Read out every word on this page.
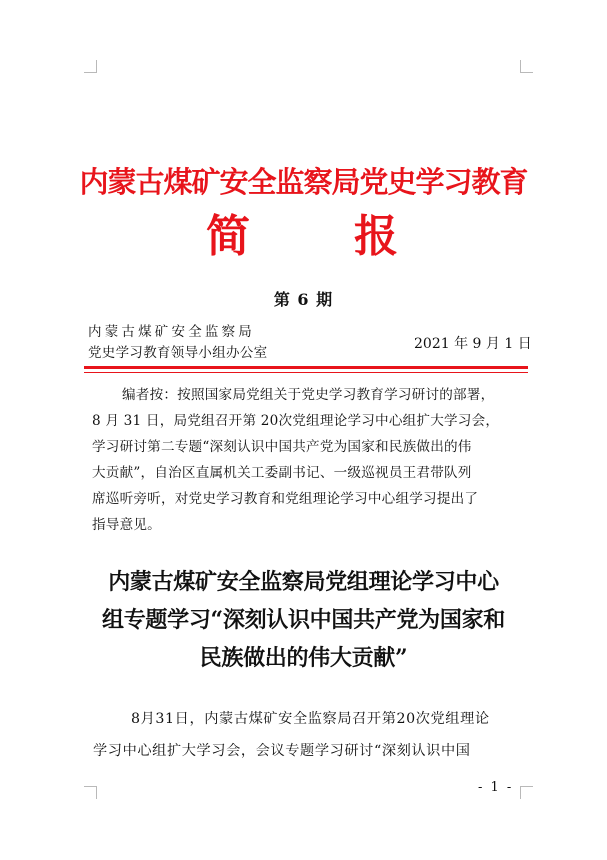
内蒙古煤矿安全监察局党史学习教育
简 报
第 6 期
内蒙古煤矿安全监察局
党史学习教育领导小组办公室
2021 年 9 月 1 日
编者按：按照国家局党组关于党史学习教育学习研讨的部署，
8 月 31 日，局党组召开第 20次党组理论学习中心组扩大学习会，
学习研讨第二专题“深刻认识中国共产党为国家和民族做出的伟
大贡献”，自治区直属机关工委副书记、一级巡视员王君带队列
席巡听旁听，对党史学习教育和党组理论学习中心组学习提出了
指导意见。
内蒙古煤矿安全监察局党组理论学习中心
组专题学习“深刻认识中国共产党为国家和
民族做出的伟大贡献”
8月31日，内蒙古煤矿安全监察局召开第20次党组理论
学习中心组扩大学习会，会议专题学习研讨“深刻认识中国
- 1 -
